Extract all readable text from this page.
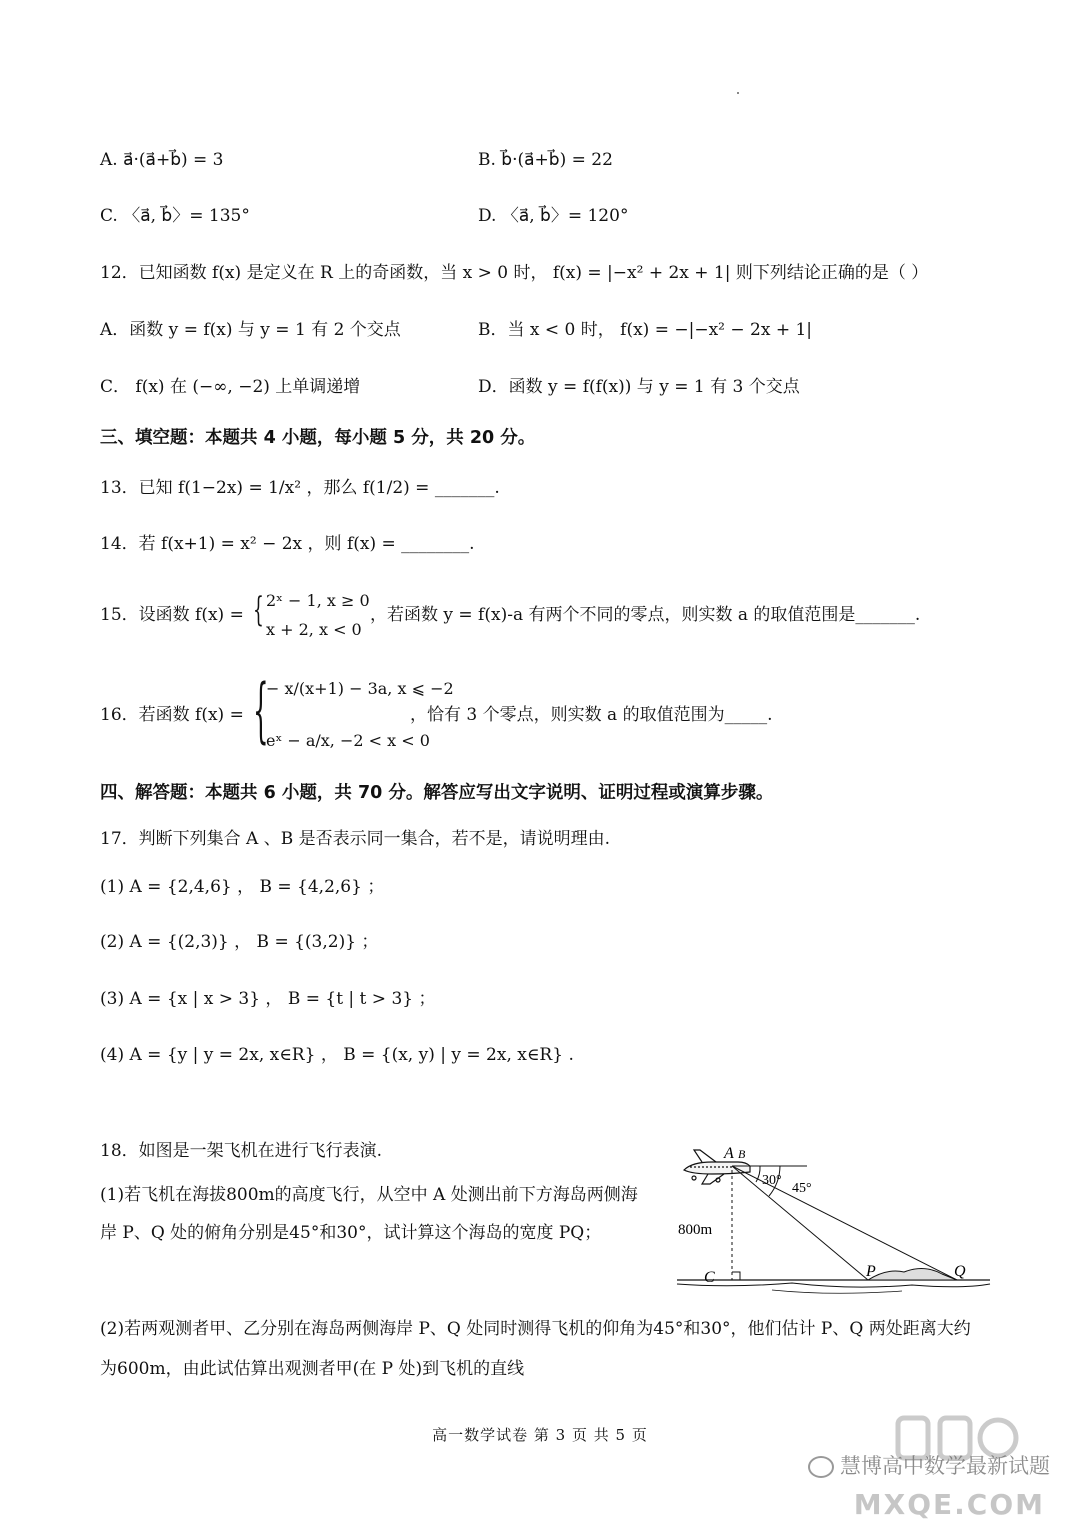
A. a⃗·(a⃗+b⃗) = 3	B. b⃗·(a⃗+b⃗) = 22
C. 〈a⃗, b⃗〉= 135°	D. 〈a⃗, b⃗〉= 120°
12．已知函数 f(x) 是定义在 R 上的奇函数，当 x > 0 时， f(x) = |−x² + 2x + 1| 则下列结论正确的是（ ）
A．函数 y = f(x) 与 y = 1 有 2 个交点	B．当 x < 0 时， f(x) = −|−x² − 2x + 1|
C． f(x) 在 (−∞, −2) 上单调递增	D．函数 y = f(f(x)) 与 y = 1 有 3 个交点
三、填空题：本题共 4 小题，每小题 5 分，共 20 分。
13．已知 f(1−2x) = 1/x² ，那么 f(1/2) = _______.
14．若 f(x+1) = x² − 2x ，则 f(x) = ________.
15．设函数 f(x) = { 2ˣ − 1, x ≥ 0
x + 2, x < 0
，若函数 y = f(x)-a 有两个不同的零点，则实数 a 的取值范围是_______.
16．若函数 f(x) = {
− x/(x+1) − 3a, x ⩽ −2
eˣ − a/x, −2 < x < 0
，恰有 3 个零点，则实数 a 的取值范围为_____.
四、解答题：本题共 6 小题，共 70 分。解答应写出文字说明、证明过程或演算步骤。
17．判断下列集合 A 、B 是否表示同一集合，若不是，请说明理由.
(1) A = {2,4,6} ， B = {4,2,6} ；
(2) A = {(2,3)} ， B = {(3,2)} ；
(3) A = {x | x > 3} ， B = {t | t > 3} ；
(4) A = {y | y = 2x, x∈R} ， B = {(x, y) | y = 2x, x∈R} .
18．如图是一架飞机在进行飞行表演.
(1)若飞机在海拔800m的高度飞行，从空中 A 处测出前下方海岛两侧海岸 P、Q 处的俯角分别是45°和30°，试计算这个海岛的宽度 PQ；
(2)若两观测者甲、乙分别在海岛两侧海岸 P、Q 处同时测得飞机的仰角为45°和30°，他们估计 P、Q 两处距离大约为600m，由此试估算出观测者甲(在 P 处)到飞机的直线
A B
30°
45°
800m
C	P	Q
高一数学试卷 第 3 页 共 5 页
慧博高中数学最新试题
MXQE.COM
